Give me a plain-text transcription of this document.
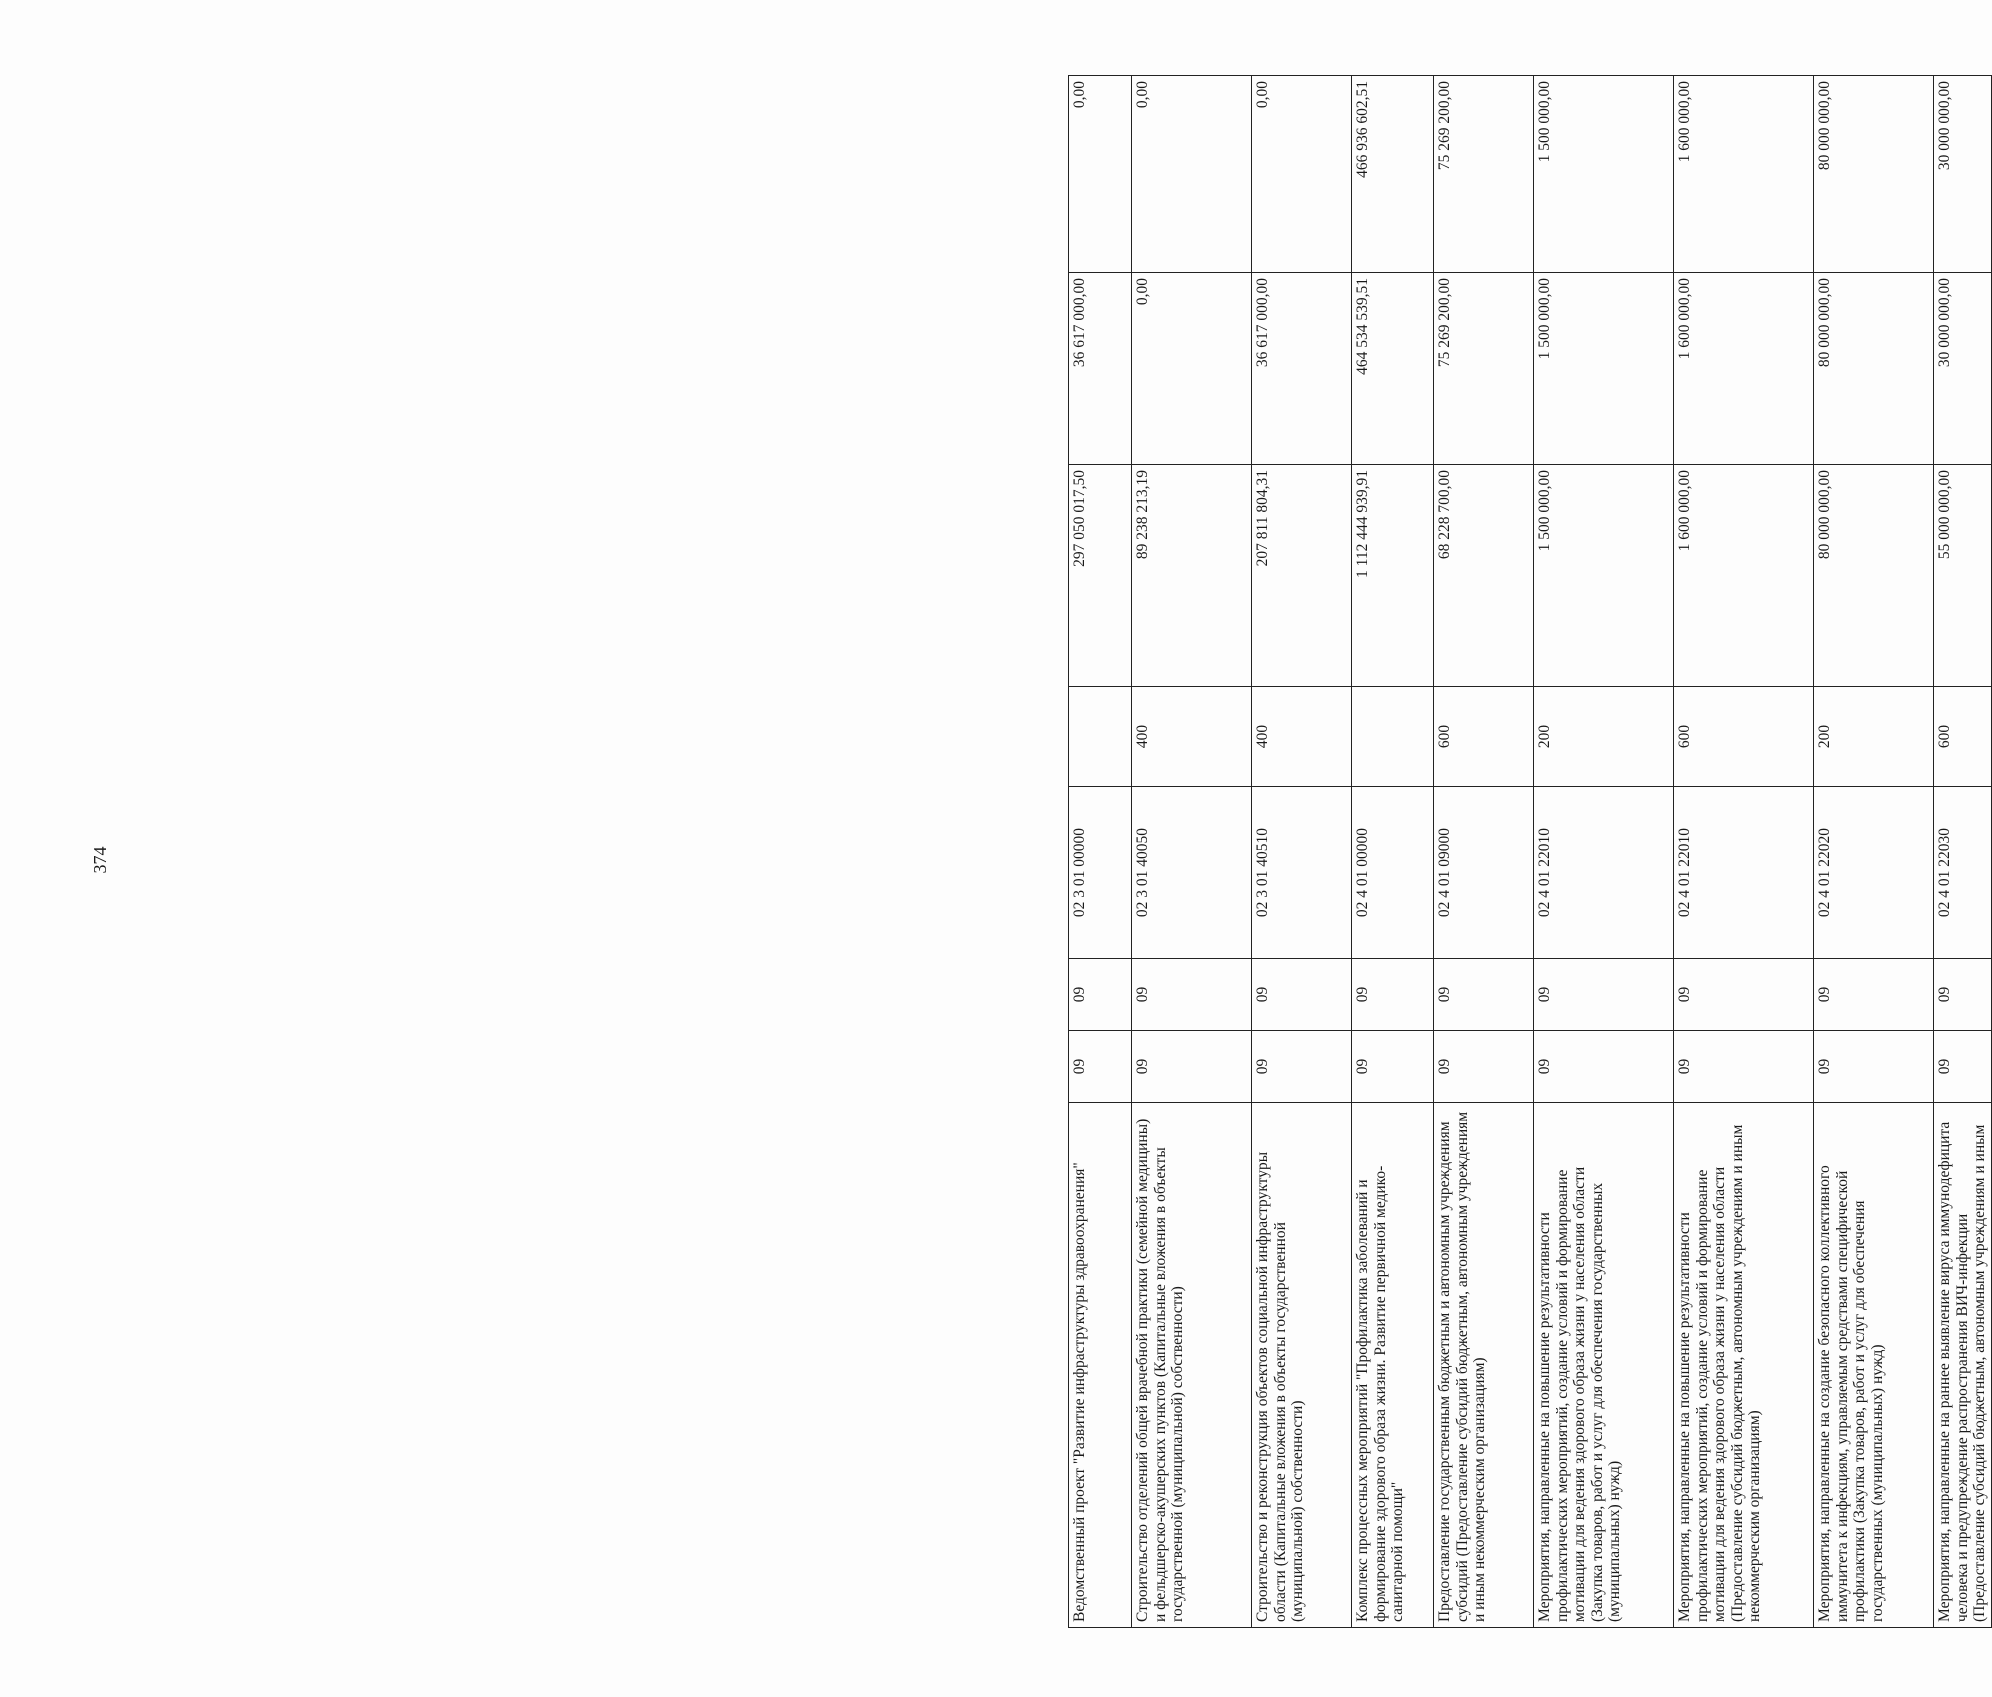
374
Ведомственный проект "Развитие инфраструктуры здравоохранения"	09	09	02 3 01 00000		297 050 017,50	36 617 000,00	0,00
Строительство отделений общей врачебной практики (семейной медицины) и фельдшерско-акушерских пунктов (Капитальные вложения в объекты государственной (муниципальной) собственности)	09	09	02 3 01 40050	400	89 238 213,19	0,00	0,00
Строительство и реконструкция объектов социальной инфраструктуры области (Капитальные вложения в объекты государственной (муниципальной) собственности)	09	09	02 3 01 40510	400	207 811 804,31	36 617 000,00	0,00
Комплекс процессных мероприятий "Профилактика заболеваний и формирование здорового образа жизни. Развитие первичной медико-санитарной помощи"	09	09	02 4 01 00000		1 112 444 939,91	464 534 539,51	466 936 602,51
Предоставление государственным бюджетным и автономным учреждениям субсидий (Предоставление субсидий бюджетным, автономным учреждениям и иным некоммерческим организациям)	09	09	02 4 01 09000	600	68 228 700,00	75 269 200,00	75 269 200,00
Мероприятия, направленные на повышение результативности профилактических мероприятий, создание условий и формирование мотивации для ведения здорового образа жизни у населения области (Закупка товаров, работ и услуг для обеспечения государственных (муниципальных) нужд)	09	09	02 4 01 22010	200	1 500 000,00	1 500 000,00	1 500 000,00
Мероприятия, направленные на повышение результативности профилактических мероприятий, создание условий и формирование мотивации для ведения здорового образа жизни у населения области (Предоставление субсидий бюджетным, автономным учреждениям и иным некоммерческим организациям)	09	09	02 4 01 22010	600	1 600 000,00	1 600 000,00	1 600 000,00
Мероприятия, направленные на создание безопасного коллективного иммунитета к инфекциям, управляемым средствами специфической профилактики (Закупка товаров, работ и услуг для обеспечения государственных (муниципальных) нужд)	09	09	02 4 01 22020	200	80 000 000,00	80 000 000,00	80 000 000,00
Мероприятия, направленные на раннее выявление вируса иммунодефицита человека и предупреждение распространения ВИЧ-инфекции (Предоставление субсидий бюджетным, автономным учреждениям и иным	09	09	02 4 01 22030	600	55 000 000,00	30 000 000,00	30 000 000,00
